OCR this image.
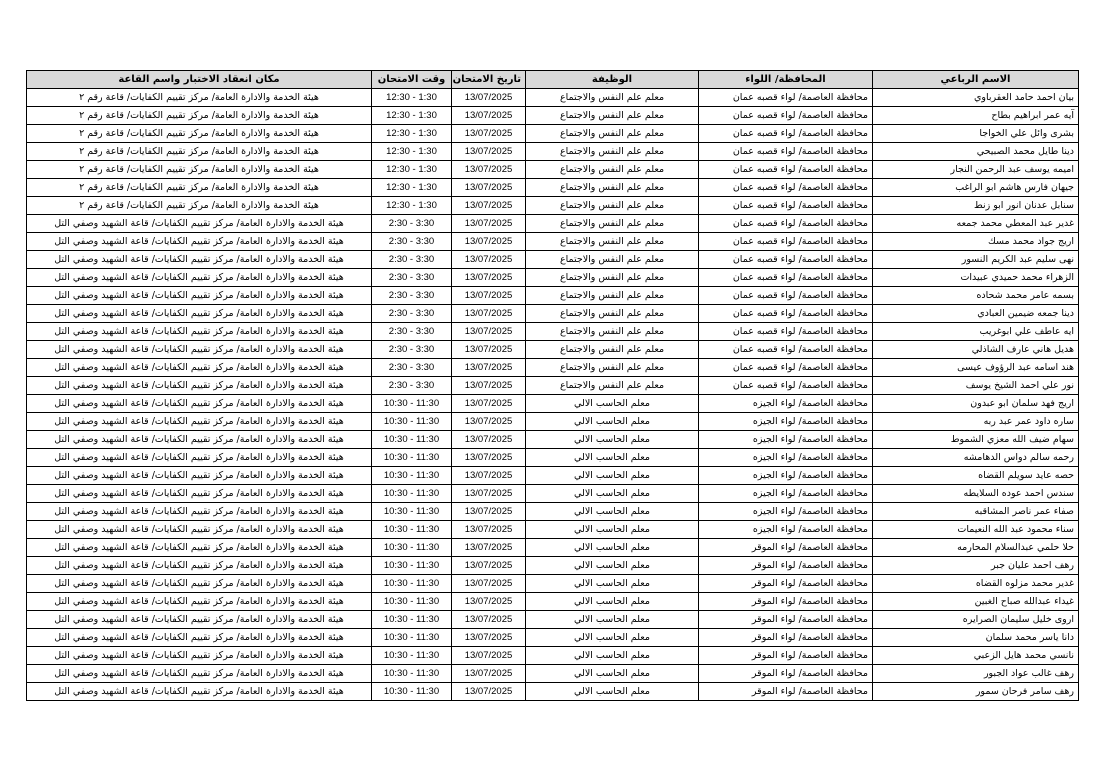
الاسم الرباعي	المحافظة/ اللواء	الوظيفة	تاريخ الامتحان	وقت الامتحان	مكان انعقاد الاختبار واسم القاعة
بيان احمد حامد العقرباوي	محافظة العاصمة/ لواء قصبه عمان	معلم علم النفس والاجتماع	13/07/2025	12:30 - 1:30	هيئة الخدمة والادارة العامة/ مركز تقييم الكفايات/ قاعة رقم ٢
آيه عمر ابراهيم بطاح	محافظة العاصمة/ لواء قصبه عمان	معلم علم النفس والاجتماع	13/07/2025	12:30 - 1:30	هيئة الخدمة والادارة العامة/ مركز تقييم الكفايات/ قاعة رقم ٢
بشرى وائل علي الخواجا	محافظة العاصمة/ لواء قصبه عمان	معلم علم النفس والاجتماع	13/07/2025	12:30 - 1:30	هيئة الخدمة والادارة العامة/ مركز تقييم الكفايات/ قاعة رقم ٢
دينا طايل محمد الصبيحي	محافظة العاصمة/ لواء قصبه عمان	معلم علم النفس والاجتماع	13/07/2025	12:30 - 1:30	هيئة الخدمة والادارة العامة/ مركز تقييم الكفايات/ قاعة رقم ٢
اميمه يوسف عبد الرحمن النجار	محافظة العاصمة/ لواء قصبه عمان	معلم علم النفس والاجتماع	13/07/2025	12:30 - 1:30	هيئة الخدمة والادارة العامة/ مركز تقييم الكفايات/ قاعة رقم ٢
جيهان فارس هاشم ابو الراغب	محافظة العاصمة/ لواء قصبه عمان	معلم علم النفس والاجتماع	13/07/2025	12:30 - 1:30	هيئة الخدمة والادارة العامة/ مركز تقييم الكفايات/ قاعة رقم ٢
سنابل عدنان انور ابو زنط	محافظة العاصمة/ لواء قصبه عمان	معلم علم النفس والاجتماع	13/07/2025	12:30 - 1:30	هيئة الخدمة والادارة العامة/ مركز تقييم الكفايات/ قاعة رقم ٢
غدير عبد المعطي محمد جمعه	محافظة العاصمة/ لواء قصبه عمان	معلم علم النفس والاجتماع	13/07/2025	2:30 - 3:30	هيئة الخدمة والادارة العامة/ مركز تقييم الكفايات/ قاعة الشهيد وصفي التل
اريج جواد محمد مسك	محافظة العاصمة/ لواء قصبه عمان	معلم علم النفس والاجتماع	13/07/2025	2:30 - 3:30	هيئة الخدمة والادارة العامة/ مركز تقييم الكفايات/ قاعة الشهيد وصفي التل
نهى سليم عبد الكريم النسور	محافظة العاصمة/ لواء قصبه عمان	معلم علم النفس والاجتماع	13/07/2025	2:30 - 3:30	هيئة الخدمة والادارة العامة/ مركز تقييم الكفايات/ قاعة الشهيد وصفي التل
الزهراء محمد حميدي عبيدات	محافظة العاصمة/ لواء قصبه عمان	معلم علم النفس والاجتماع	13/07/2025	2:30 - 3:30	هيئة الخدمة والادارة العامة/ مركز تقييم الكفايات/ قاعة الشهيد وصفي التل
بسمه عامر محمد شحاده	محافظة العاصمة/ لواء قصبه عمان	معلم علم النفس والاجتماع	13/07/2025	2:30 - 3:30	هيئة الخدمة والادارة العامة/ مركز تقييم الكفايات/ قاعة الشهيد وصفي التل
دينا جمعه ضيمين العبادي	محافظة العاصمة/ لواء قصبه عمان	معلم علم النفس والاجتماع	13/07/2025	2:30 - 3:30	هيئة الخدمة والادارة العامة/ مركز تقييم الكفايات/ قاعة الشهيد وصفي التل
ايه عاطف علي ابوغريب	محافظة العاصمة/ لواء قصبه عمان	معلم علم النفس والاجتماع	13/07/2025	2:30 - 3:30	هيئة الخدمة والادارة العامة/ مركز تقييم الكفايات/ قاعة الشهيد وصفي التل
هديل هاني عارف الشاذلي	محافظة العاصمة/ لواء قصبه عمان	معلم علم النفس والاجتماع	13/07/2025	2:30 - 3:30	هيئة الخدمة والادارة العامة/ مركز تقييم الكفايات/ قاعة الشهيد وصفي التل
هند اسامه عبد الرؤوف عيسى	محافظة العاصمة/ لواء قصبه عمان	معلم علم النفس والاجتماع	13/07/2025	2:30 - 3:30	هيئة الخدمة والادارة العامة/ مركز تقييم الكفايات/ قاعة الشهيد وصفي التل
نور علي احمد الشيخ يوسف	محافظة العاصمة/ لواء قصبه عمان	معلم علم النفس والاجتماع	13/07/2025	2:30 - 3:30	هيئة الخدمة والادارة العامة/ مركز تقييم الكفايات/ قاعة الشهيد وصفي التل
اريج فهد سلمان ابو عبدون	محافظة العاصمة/ لواء الجيزه	معلم الحاسب الالي	13/07/2025	10:30 - 11:30	هيئة الخدمة والادارة العامة/ مركز تقييم الكفايات/ قاعة الشهيد وصفي التل
ساره داود عمر عبد ربه	محافظة العاصمة/ لواء الجيزه	معلم الحاسب الالي	13/07/2025	10:30 - 11:30	هيئة الخدمة والادارة العامة/ مركز تقييم الكفايات/ قاعة الشهيد وصفي التل
سهام ضيف الله معزي الشموط	محافظة العاصمة/ لواء الجيزه	معلم الحاسب الالي	13/07/2025	10:30 - 11:30	هيئة الخدمة والادارة العامة/ مركز تقييم الكفايات/ قاعة الشهيد وصفي التل
رحمه سالم دواس الدهامشه	محافظة العاصمة/ لواء الجيزه	معلم الحاسب الالي	13/07/2025	10:30 - 11:30	هيئة الخدمة والادارة العامة/ مركز تقييم الكفايات/ قاعة الشهيد وصفي التل
حصه عايد سويلم القضاه	محافظة العاصمة/ لواء الجيزه	معلم الحاسب الالي	13/07/2025	10:30 - 11:30	هيئة الخدمة والادارة العامة/ مركز تقييم الكفايات/ قاعة الشهيد وصفي التل
سندس احمد عوده السلايطه	محافظة العاصمة/ لواء الجيزه	معلم الحاسب الالي	13/07/2025	10:30 - 11:30	هيئة الخدمة والادارة العامة/ مركز تقييم الكفايات/ قاعة الشهيد وصفي التل
صفاء عمر ناصر المشاقبه	محافظة العاصمة/ لواء الجيزه	معلم الحاسب الالي	13/07/2025	10:30 - 11:30	هيئة الخدمة والادارة العامة/ مركز تقييم الكفايات/ قاعة الشهيد وصفي التل
سناء محمود عبد الله النعيمات	محافظة العاصمة/ لواء الجيزه	معلم الحاسب الالي	13/07/2025	10:30 - 11:30	هيئة الخدمة والادارة العامة/ مركز تقييم الكفايات/ قاعة الشهيد وصفي التل
حلا حلمي عبدالسلام المحارمه	محافظة العاصمة/ لواء الموقر	معلم الحاسب الالي	13/07/2025	10:30 - 11:30	هيئة الخدمة والادارة العامة/ مركز تقييم الكفايات/ قاعة الشهيد وصفي التل
رهف احمد عليان جبر	محافظة العاصمة/ لواء الموقر	معلم الحاسب الالي	13/07/2025	10:30 - 11:30	هيئة الخدمة والادارة العامة/ مركز تقييم الكفايات/ قاعة الشهيد وصفي التل
غدير محمد مزلوه القضاه	محافظة العاصمة/ لواء الموقر	معلم الحاسب الالي	13/07/2025	10:30 - 11:30	هيئة الخدمة والادارة العامة/ مركز تقييم الكفايات/ قاعة الشهيد وصفي التل
غيداء عبدالله صباح الغبين	محافظة العاصمة/ لواء الموقر	معلم الحاسب الالي	13/07/2025	10:30 - 11:30	هيئة الخدمة والادارة العامة/ مركز تقييم الكفايات/ قاعة الشهيد وصفي التل
اروى خليل سليمان الصرايره	محافظة العاصمة/ لواء الموقر	معلم الحاسب الالي	13/07/2025	10:30 - 11:30	هيئة الخدمة والادارة العامة/ مركز تقييم الكفايات/ قاعة الشهيد وصفي التل
دانا ياسر محمد سلمان	محافظة العاصمة/ لواء الموقر	معلم الحاسب الالي	13/07/2025	10:30 - 11:30	هيئة الخدمة والادارة العامة/ مركز تقييم الكفايات/ قاعة الشهيد وصفي التل
نانسي محمد هايل الزعبي	محافظة العاصمة/ لواء الموقر	معلم الحاسب الالي	13/07/2025	10:30 - 11:30	هيئة الخدمة والادارة العامة/ مركز تقييم الكفايات/ قاعة الشهيد وصفي التل
رهف غالب عواد الجبور	محافظة العاصمة/ لواء الموقر	معلم الحاسب الالي	13/07/2025	10:30 - 11:30	هيئة الخدمة والادارة العامة/ مركز تقييم الكفايات/ قاعة الشهيد وصفي التل
رهف سامر فرحان سمور	محافظة العاصمة/ لواء الموقر	معلم الحاسب الالي	13/07/2025	10:30 - 11:30	هيئة الخدمة والادارة العامة/ مركز تقييم الكفايات/ قاعة الشهيد وصفي التل
